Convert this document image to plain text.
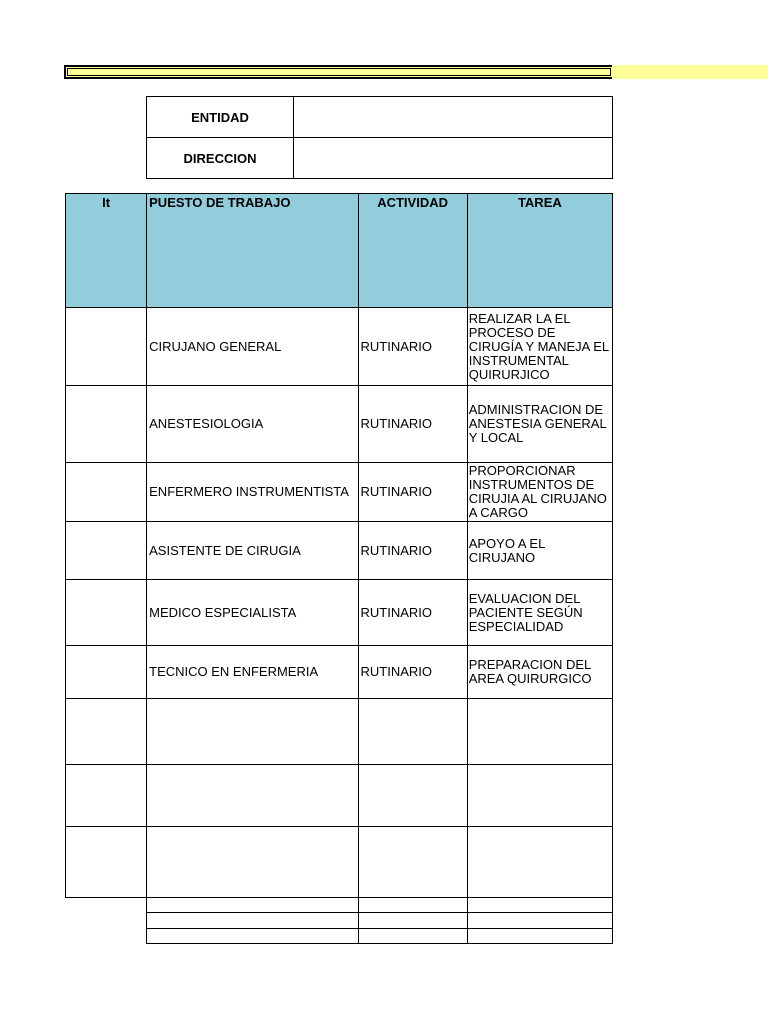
ENTIDAD	
DIRECCION	
It	PUESTO DE TRABAJO	ACTIVIDAD	TAREA
	CIRUJANO GENERAL	RUTINARIO	REALIZAR LA EL PROCESO DE CIRUGÍA Y MANEJA EL INSTRUMENTAL QUIRURJICO
	ANESTESIOLOGIA	RUTINARIO	ADMINISTRACION DE ANESTESIA GENERAL Y LOCAL
	ENFERMERO INSTRUMENTISTA	RUTINARIO	PROPORCIONAR INSTRUMENTOS DE CIRUJIA AL CIRUJANO A CARGO
	ASISTENTE DE CIRUGIA	RUTINARIO	APOYO A EL CIRUJANO
	MEDICO ESPECIALISTA	RUTINARIO	EVALUACION DEL PACIENTE SEGÚN ESPECIALIDAD
	TECNICO EN ENFERMERIA	RUTINARIO	PREPARACION DEL AREA QUIRURGICO
